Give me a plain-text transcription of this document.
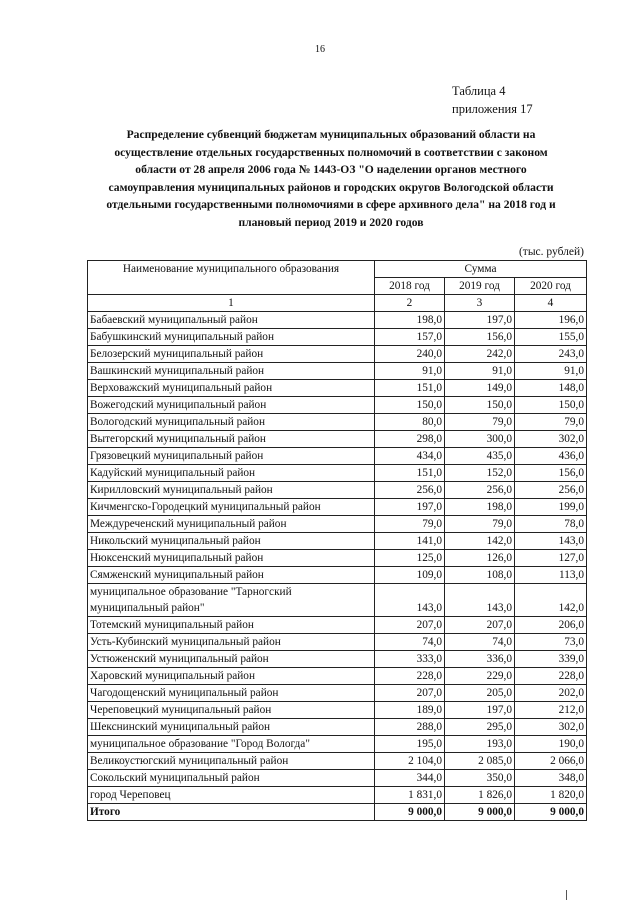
16
Таблица 4
приложения 17
Распределение субвенций бюджетам муниципальных образований области на осуществление отдельных государственных полномочий в соответствии с законом области от 28 апреля 2006 года № 1443-ОЗ "О наделении органов местного самоуправления муниципальных районов и городских округов Вологодской области отдельными государственными полномочиями в сфере архивного дела" на 2018 год и плановый период 2019 и 2020 годов
(тыс. рублей)
Наименование муниципального образования	Сумма		
	2018 год	2019 год	2020 год
1	2	3	4
Бабаевский муниципальный район	198,0	197,0	196,0
Бабушкинский муниципальный район	157,0	156,0	155,0
Белозерский муниципальный район	240,0	242,0	243,0
Вашкинский муниципальный район	91,0	91,0	91,0
Верховажский муниципальный район	151,0	149,0	148,0
Вожегодский муниципальный район	150,0	150,0	150,0
Вологодский муниципальный район	80,0	79,0	79,0
Вытегорский муниципальный район	298,0	300,0	302,0
Грязовецкий муниципальный район	434,0	435,0	436,0
Кадуйский муниципальный район	151,0	152,0	156,0
Кирилловский муниципальный район	256,0	256,0	256,0
Кичменгско-Городецкий муниципальный район	197,0	198,0	199,0
Междуреченский муниципальный район	79,0	79,0	78,0
Никольский муниципальный район	141,0	142,0	143,0
Нюксенский муниципальный район	125,0	126,0	127,0
Сямженский муниципальный район	109,0	108,0	113,0
муниципальное образование "Тарногский муниципальный район"	143,0	143,0	142,0
Тотемский муниципальный район	207,0	207,0	206,0
Усть-Кубинский муниципальный район	74,0	74,0	73,0
Устюженский муниципальный район	333,0	336,0	339,0
Харовский муниципальный район	228,0	229,0	228,0
Чагодощенский муниципальный район	207,0	205,0	202,0
Череповецкий муниципальный район	189,0	197,0	212,0
Шекснинский муниципальный район	288,0	295,0	302,0
муниципальное образование "Город Вологда"	195,0	193,0	190,0
Великоустюгский муниципальный район	2 104,0	2 085,0	2 066,0
Сокольский муниципальный район	344,0	350,0	348,0
город Череповец	1 831,0	1 826,0	1 820,0
Итого	9 000,0	9 000,0	9 000,0
